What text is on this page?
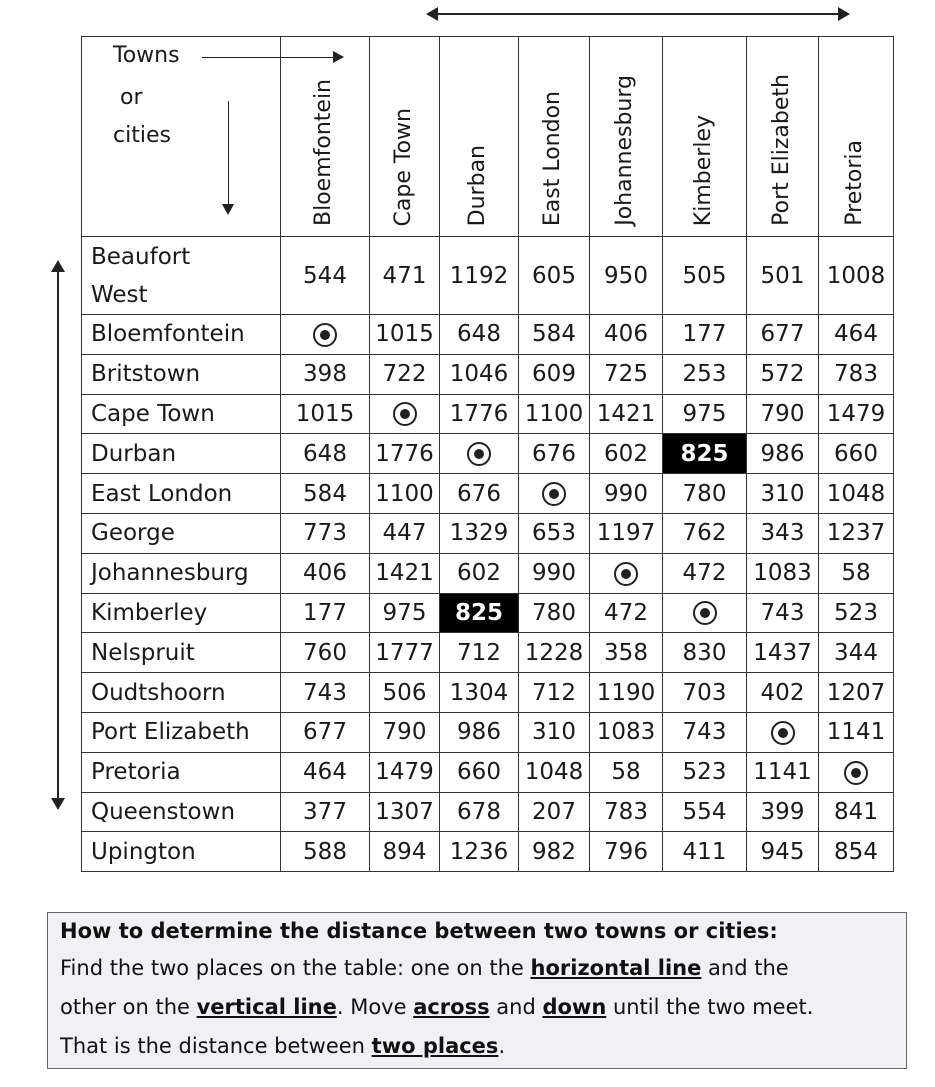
Towns
or
cities	Bloemfontein	Cape Town	Durban	East London	Johannesburg	Kimberley	Port Elizabeth	Pretoria

Beaufort West	544	471	1192	605	950	505	501	1008
Bloemfontein		1015	648	584	406	177	677	464
Britstown	398	722	1046	609	725	253	572	783
Cape Town	1015		1776	1100	1421	975	790	1479
Durban	648	1776		676	602	825	986	660
East London	584	1100	676		990	780	310	1048
George	773	447	1329	653	1197	762	343	1237
Johannesburg	406	1421	602	990		472	1083	58
Kimberley	177	975	825	780	472		743	523
Nelspruit	760	1777	712	1228	358	830	1437	344
Oudtshoorn	743	506	1304	712	1190	703	402	1207
Port Elizabeth	677	790	986	310	1083	743		1141
Pretoria	464	1479	660	1048	58	523	1141	
Queenstown	377	1307	678	207	783	554	399	841
Upington	588	894	1236	982	796	411	945	854

How to determine the distance between two towns or cities:

Find the two places on the table: one on the horizontal line and the

other on the vertical line. Move across and down until the two meet.

That is the distance between two places.
